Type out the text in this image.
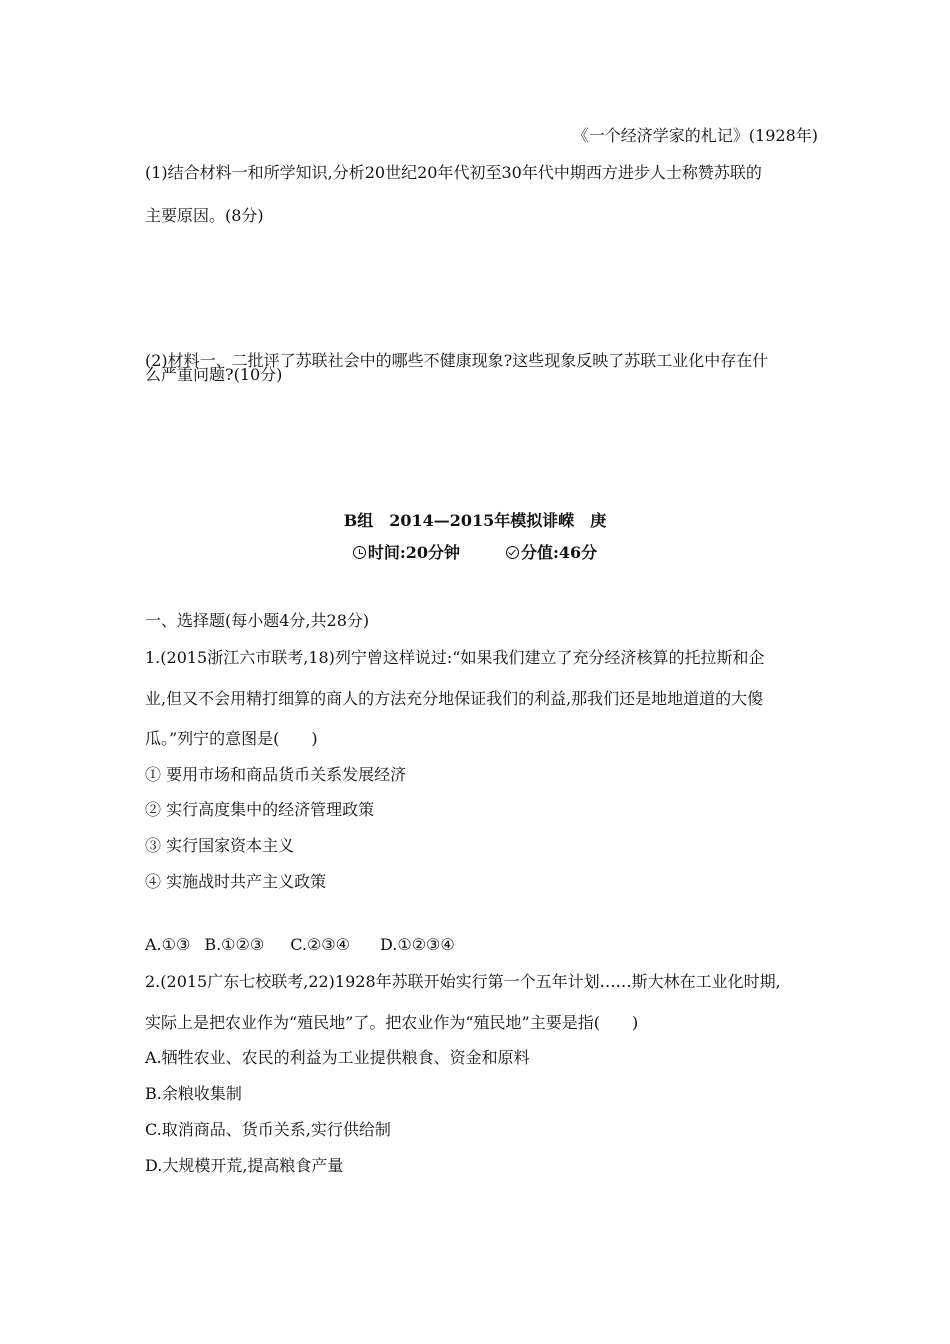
《一个经济学家的札记》(1928年)
(1)结合材料一和所学知识,分析20世纪20年代初至30年代中期西方进步人士称赞苏联的
主要原因。(8分)
(2)材料一、二批评了苏联社会中的哪些不健康现象?这些现象反映了苏联工业化中存在什
么严重问题?(10分)
B组　2014—2015年模拟诽嵘　庚
时间:20分钟	分值:46分
一、选择题(每小题4分,共28分)
1.(2015浙江六市联考,18)列宁曾这样说过:“如果我们建立了充分经济核算的托拉斯和企
业,但又不会用精打细算的商人的方法充分地保证我们的利益,那我们还是地地道道的大傻
瓜。”列宁的意图是(　　)
① 要用市场和商品货币关系发展经济
② 实行高度集中的经济管理政策
③ 实行国家资本主义
④ 实施战时共产主义政策
A.①③ B.①②③ C.②③④ D.①②③④
2.(2015广东七校联考,22)1928年苏联开始实行第一个五年计划……斯大林在工业化时期,
实际上是把农业作为“殖民地”了。把农业作为“殖民地”主要是指(　　)
A.牺牲农业、农民的利益为工业提供粮食、资金和原料
B.余粮收集制
C.取消商品、货币关系,实行供给制
D.大规模开荒,提高粮食产量
